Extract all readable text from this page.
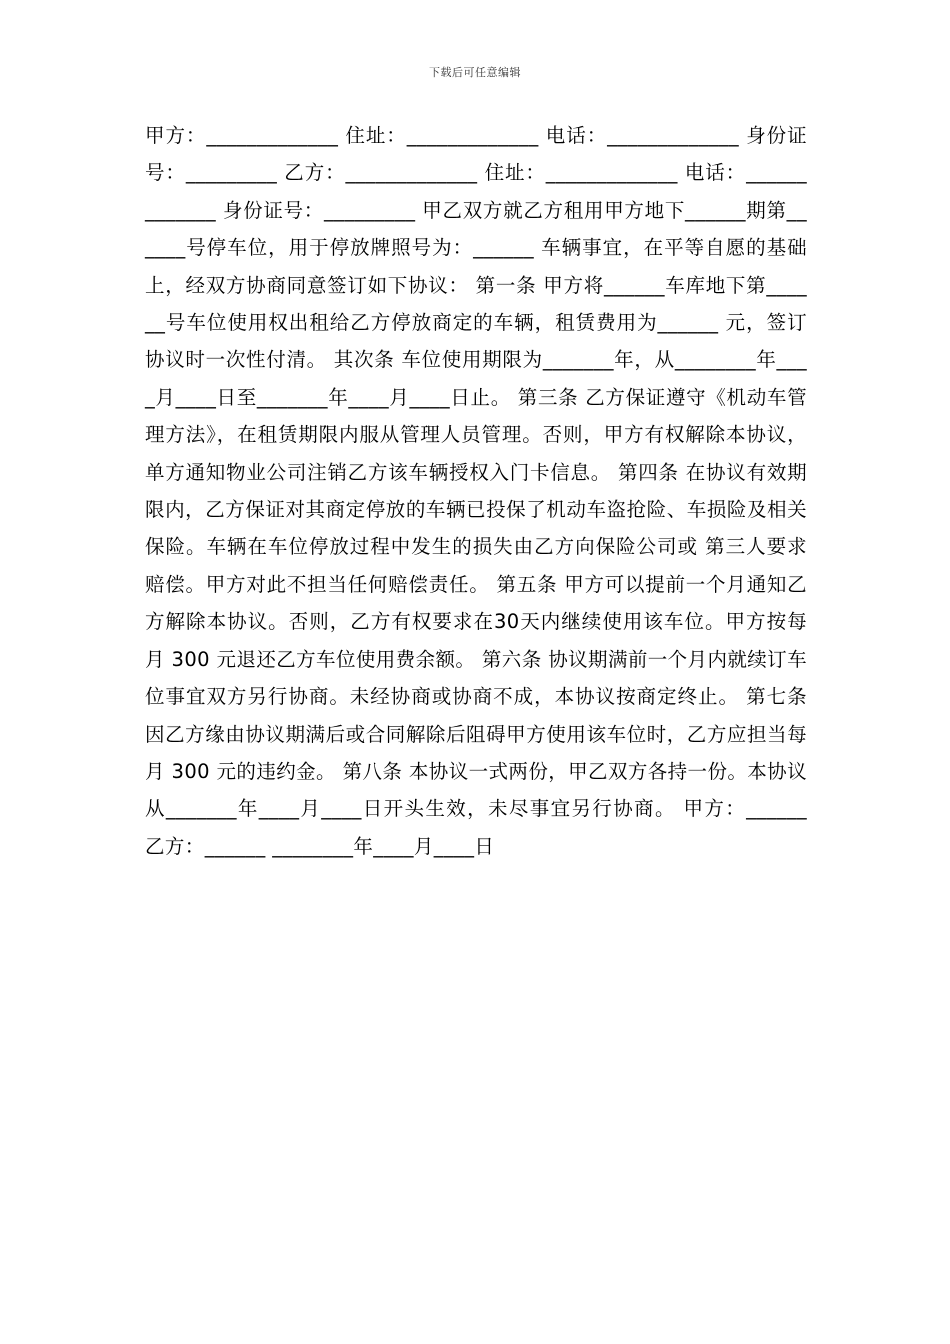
下载后可任意编辑
甲方：_____________ 住址：_____________ 电话：_____________ 身份证号：_________ 乙方：_____________ 住址：_____________ 电话：_____________ 身份证号：_________ 甲乙双方就乙方租用甲方地下______期第______号停车位，用于停放牌照号为：______ 车辆事宜，在平等自愿的基础上，经双方协商同意签订如下协议： 第一条 甲方将______车库地下第______号车位使用权出租给乙方停放商定的车辆，租赁费用为______ 元，签订协议时一次性付清。 其次条 车位使用期限为_______年，从________年____月____日至_______年____月____日止。 第三条 乙方保证遵守《机动车管理方法》，在租赁期限内服从管理人员管理。否则，甲方有权解除本协议，单方通知物业公司注销乙方该车辆授权入门卡信息。 第四条 在协议有效期限内，乙方保证对其商定停放的车辆已投保了机动车盗抢险、车损险及相关保险。车辆在车位停放过程中发生的损失由乙方向保险公司或 第三人要求赔偿。甲方对此不担当任何赔偿责任。 第五条 甲方可以提前一个月通知乙方解除本协议。否则，乙方有权要求在30天内继续使用该车位。甲方按每月 300 元退还乙方车位使用费余额。 第六条 协议期满前一个月内就续订车位事宜双方另行协商。未经协商或协商不成，本协议按商定终止。 第七条 因乙方缘由协议期满后或合同解除后阻碍甲方使用该车位时，乙方应担当每月 300 元的违约金。 第八条 本协议一式两份，甲乙双方各持一份。本协议从_______年____月____日开头生效，未尽事宜另行协商。 甲方：______ 乙方：______ ________年____月____日
